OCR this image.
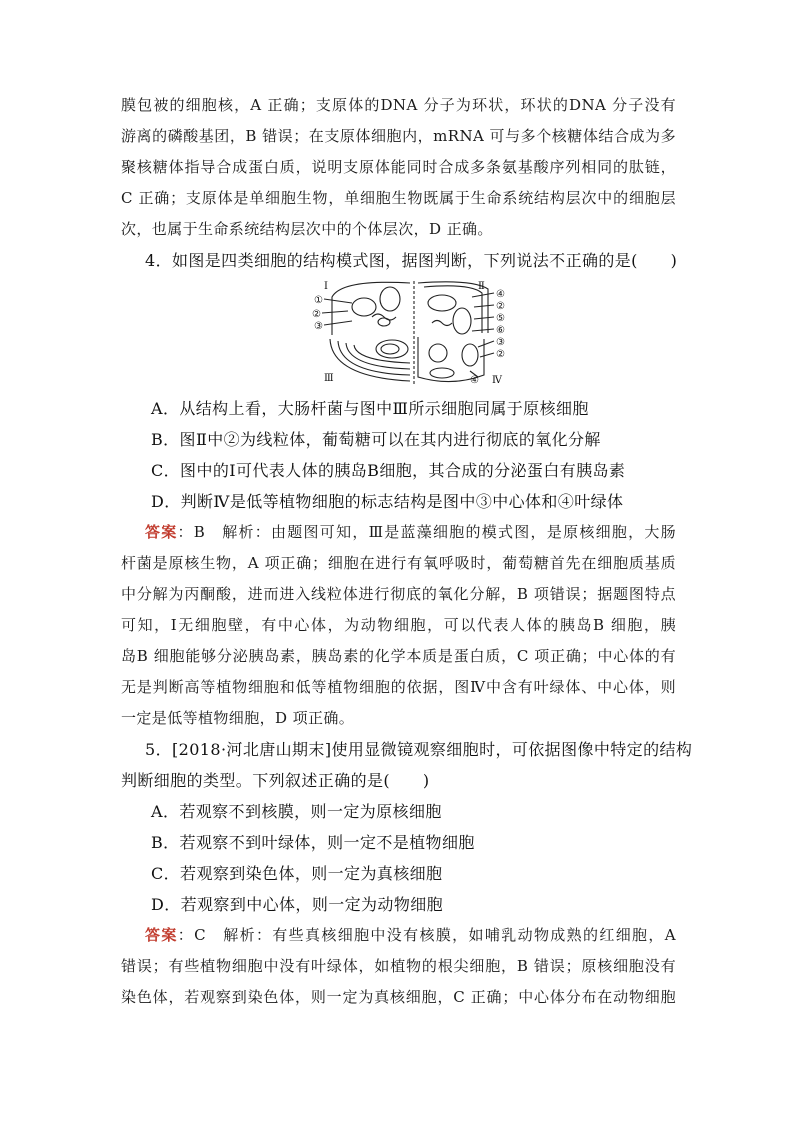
膜包被的细胞核，A 正确；支原体的DNA 分子为环状，环状的DNA 分子没有
游离的磷酸基团，B 错误；在支原体细胞内，mRNA 可与多个核糖体结合成为多
聚核糖体指导合成蛋白质，说明支原体能同时合成多条氨基酸序列相同的肽链，
C 正确；支原体是单细胞生物，单细胞生物既属于生命系统结构层次中的细胞层
次，也属于生命系统结构层次中的个体层次，D 正确。
4．如图是四类细胞的结构模式图，据图判断，下列说法不正确的是(　　)
Ⅰ	Ⅱ
Ⅲ	Ⅳ
①
②
③
④
②
⑤
⑥
③
②
④
A．从结构上看，大肠杆菌与图中Ⅲ所示细胞同属于原核细胞
B．图Ⅱ中②为线粒体，葡萄糖可以在其内进行彻底的氧化分解
C．图中的Ⅰ可代表人体的胰岛B细胞，其合成的分泌蛋白有胰岛素
D．判断Ⅳ是低等植物细胞的标志结构是图中③中心体和④叶绿体
答案：B　解析：由题图可知，Ⅲ是蓝藻细胞的模式图，是原核细胞，大肠
杆菌是原核生物，A 项正确；细胞在进行有氧呼吸时，葡萄糖首先在细胞质基质
中分解为丙酮酸，进而进入线粒体进行彻底的氧化分解，B 项错误；据题图特点
可知，Ⅰ无细胞壁，有中心体，为动物细胞，可以代表人体的胰岛B 细胞，胰
岛B 细胞能够分泌胰岛素，胰岛素的化学本质是蛋白质，C 项正确；中心体的有
无是判断高等植物细胞和低等植物细胞的依据，图Ⅳ中含有叶绿体、中心体，则
一定是低等植物细胞，D 项正确。
5．[2018·河北唐山期末]使用显微镜观察细胞时，可依据图像中特定的结构
判断细胞的类型。下列叙述正确的是(　　)
A．若观察不到核膜，则一定为原核细胞
B．若观察不到叶绿体，则一定不是植物细胞
C．若观察到染色体，则一定为真核细胞
D．若观察到中心体，则一定为动物细胞
答案：C　解析：有些真核细胞中没有核膜，如哺乳动物成熟的红细胞，A
错误；有些植物细胞中没有叶绿体，如植物的根尖细胞，B 错误；原核细胞没有
染色体，若观察到染色体，则一定为真核细胞，C 正确；中心体分布在动物细胞
